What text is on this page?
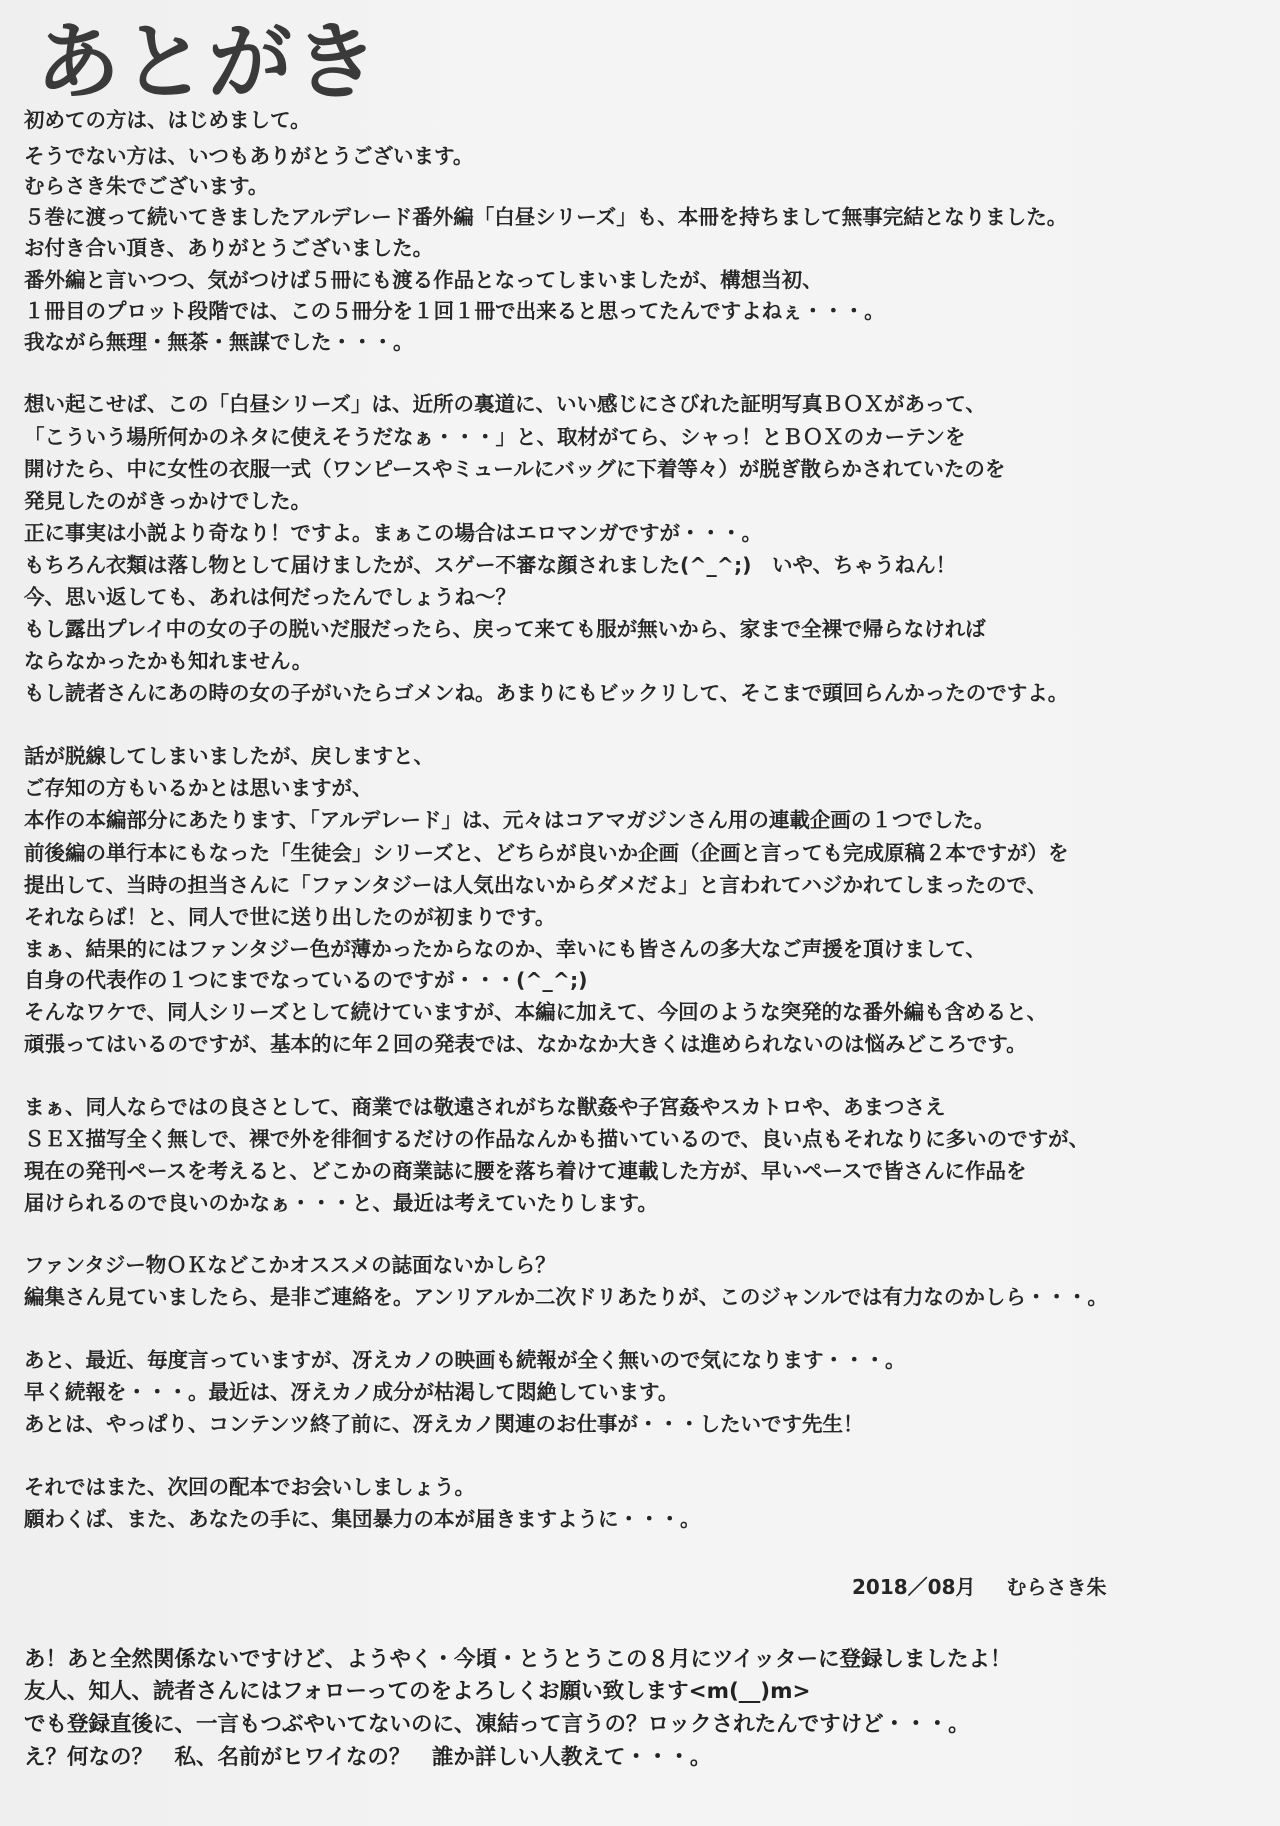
あとがき
初めての方は、はじめまして。
そうでない方は、いつもありがとうございます。
むらさき朱でございます。
５巻に渡って続いてきましたアルデレード番外編「白昼シリーズ」も、本冊を持ちまして無事完結となりました。
お付き合い頂き、ありがとうございました。
番外編と言いつつ、気がつけば５冊にも渡る作品となってしまいましたが、構想当初、
１冊目のプロット段階では、この５冊分を１回１冊で出来ると思ってたんですよねぇ・・・。
我ながら無理・無茶・無謀でした・・・。
想い起こせば、この「白昼シリーズ」は、近所の裏道に、いい感じにさびれた証明写真ＢＯＸがあって、
「こういう場所何かのネタに使えそうだなぁ・・・」と、取材がてら、シャっ！とＢＯＸのカーテンを
開けたら、中に女性の衣服一式（ワンピースやミュールにバッグに下着等々）が脱ぎ散らかされていたのを
発見したのがきっかけでした。
正に事実は小説より奇なり！ですよ。まぁこの場合はエロマンガですが・・・。
もちろん衣類は落し物として届けましたが、スゲー不審な顔されました(^_^;)　いや、ちゃうねん！
今、思い返しても、あれは何だったんでしょうね〜？
もし露出プレイ中の女の子の脱いだ服だったら、戻って来ても服が無いから、家まで全裸で帰らなければ
ならなかったかも知れません。
もし読者さんにあの時の女の子がいたらゴメンね。あまりにもビックリして、そこまで頭回らんかったのですよ。
話が脱線してしまいましたが、戻しますと、
ご存知の方もいるかとは思いますが、
本作の本編部分にあたります、「アルデレード」は、元々はコアマガジンさん用の連載企画の１つでした。
前後編の単行本にもなった「生徒会」シリーズと、どちらが良いか企画（企画と言っても完成原稿２本ですが）を
提出して、当時の担当さんに「ファンタジーは人気出ないからダメだよ」と言われてハジかれてしまったので、
それならば！と、同人で世に送り出したのが初まりです。
まぁ、結果的にはファンタジー色が薄かったからなのか、幸いにも皆さんの多大なご声援を頂けまして、
自身の代表作の１つにまでなっているのですが・・・(^_^;)
そんなワケで、同人シリーズとして続けていますが、本編に加えて、今回のような突発的な番外編も含めると、
頑張ってはいるのですが、基本的に年２回の発表では、なかなか大きくは進められないのは悩みどころです。
まぁ、同人ならではの良さとして、商業では敬遠されがちな獣姦や子宮姦やスカトロや、あまつさえ
ＳＥＸ描写全く無しで、裸で外を徘徊するだけの作品なんかも描いているので、良い点もそれなりに多いのですが、
現在の発刊ペースを考えると、どこかの商業誌に腰を落ち着けて連載した方が、早いペースで皆さんに作品を
届けられるので良いのかなぁ・・・と、最近は考えていたりします。
ファンタジー物ＯＫなどこかオススメの誌面ないかしら？
編集さん見ていましたら、是非ご連絡を。アンリアルか二次ドリあたりが、このジャンルでは有力なのかしら・・・。
あと、最近、毎度言っていますが、冴えカノの映画も続報が全く無いので気になります・・・。
早く続報を・・・。最近は、冴えカノ成分が枯渇して悶絶しています。
あとは、やっぱり、コンテンツ終了前に、冴えカノ関連のお仕事が・・・したいです先生！
それではまた、次回の配本でお会いしましょう。
願わくば、また、あなたの手に、集団暴力の本が届きますように・・・。
2018／08月 むらさき朱
あ！あと全然関係ないですけど、ようやく・今頃・とうとうこの８月にツイッターに登録しましたよ！
友人、知人、読者さんにはフォローってのをよろしくお願い致します<m(__)m>
でも登録直後に、一言もつぶやいてないのに、凍結って言うの？ロックされたんですけど・・・。
え？何なの？　私、名前がヒワイなの？　誰か詳しい人教えて・・・。
